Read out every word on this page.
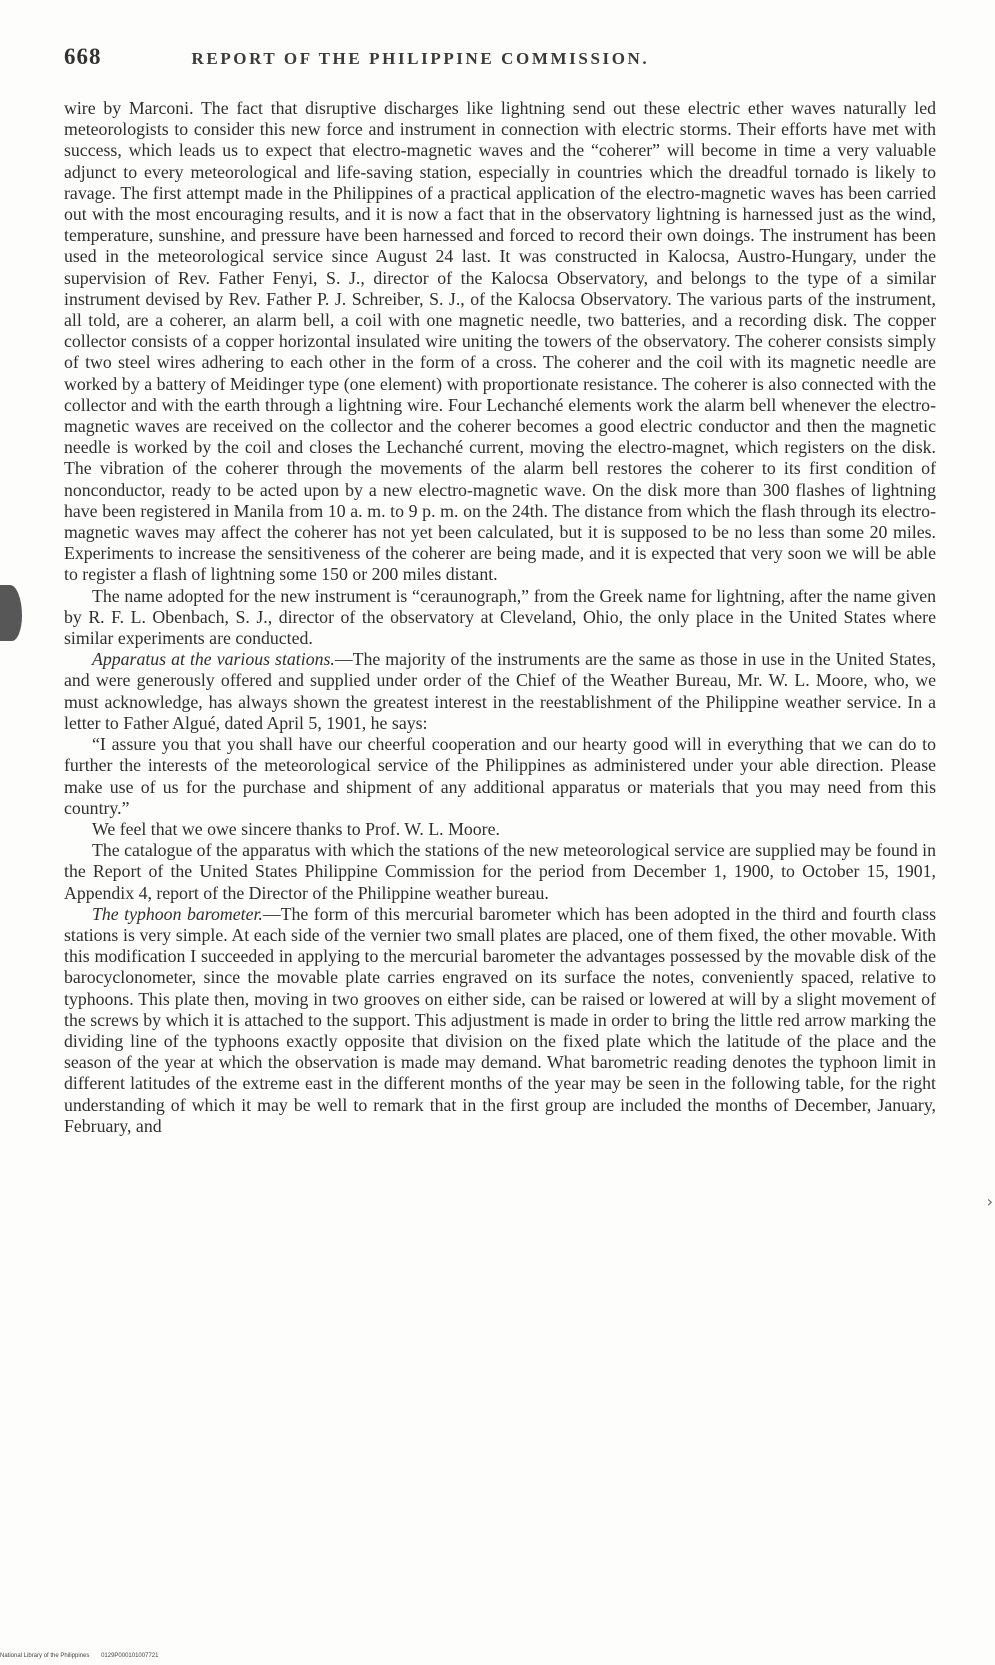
›
668	REPORT OF THE PHILIPPINE COMMISSION.

wire by Marconi. The fact that disruptive discharges like lightning send out these electric ether waves naturally led meteorologists to consider this new force and instrument in connection with electric storms. Their efforts have met with success, which leads us to expect that electro-magnetic waves and the “coherer” will become in time a very valuable adjunct to every meteorological and life-saving station, especially in countries which the dreadful tornado is likely to ravage. The first attempt made in the Philippines of a practical application of the electro-magnetic waves has been carried out with the most encouraging results, and it is now a fact that in the observatory lightning is harnessed just as the wind, temperature, sunshine, and pressure have been harnessed and forced to record their own doings. The instrument has been used in the meteorological service since August 24 last. It was constructed in Kalocsa, Austro-Hungary, under the supervision of Rev. Father Fenyi, S. J., director of the Kalocsa Observatory, and belongs to the type of a similar instrument devised by Rev. Father P. J. Schreiber, S. J., of the Kalocsa Observatory. The various parts of the instrument, all told, are a coherer, an alarm bell, a coil with one magnetic needle, two batteries, and a recording disk. The copper collector consists of a copper horizontal insulated wire uniting the towers of the observatory. The coherer consists simply of two steel wires adhering to each other in the form of a cross. The coherer and the coil with its magnetic needle are worked by a battery of Meidinger type (one element) with proportionate resistance. The coherer is also connected with the collector and with the earth through a lightning wire. Four Lechanché elements work the alarm bell whenever the electro-magnetic waves are received on the collector and the coherer becomes a good electric conductor and then the magnetic needle is worked by the coil and closes the Lechanché current, moving the electro-magnet, which registers on the disk. The vibration of the coherer through the movements of the alarm bell restores the coherer to its first condition of nonconductor, ready to be acted upon by a new electro-magnetic wave. On the disk more than 300 flashes of lightning have been registered in Manila from 10 a. m. to 9 p. m. on the 24th. The distance from which the flash through its electro-magnetic waves may affect the coherer has not yet been calculated, but it is supposed to be no less than some 20 miles. Experiments to increase the sensitiveness of the coherer are being made, and it is expected that very soon we will be able to register a flash of lightning some 150 or 200 miles distant.

The name adopted for the new instrument is “ceraunograph,” from the Greek name for lightning, after the name given by R. F. L. Obenbach, S. J., director of the observatory at Cleveland, Ohio, the only place in the United States where similar experiments are conducted.

Apparatus at the various stations.—The majority of the instruments are the same as those in use in the United States, and were generously offered and supplied under order of the Chief of the Weather Bureau, Mr. W. L. Moore, who, we must acknowledge, has always shown the greatest interest in the reestablishment of the Philippine weather service. In a letter to Father Algué, dated April 5, 1901, he says:

“I assure you that you shall have our cheerful cooperation and our hearty good will in everything that we can do to further the interests of the meteorological service of the Philippines as administered under your able direction. Please make use of us for the purchase and shipment of any additional apparatus or materials that you may need from this country.”

We feel that we owe sincere thanks to Prof. W. L. Moore.

The catalogue of the apparatus with which the stations of the new meteorological service are supplied may be found in the Report of the United States Philippine Commission for the period from December 1, 1900, to October 15, 1901, Appendix 4, report of the Director of the Philippine weather bureau.

The typhoon barometer.—The form of this mercurial barometer which has been adopted in the third and fourth class stations is very simple. At each side of the vernier two small plates are placed, one of them fixed, the other movable. With this modification I succeeded in applying to the mercurial barometer the advantages possessed by the movable disk of the barocyclonometer, since the movable plate carries engraved on its surface the notes, conveniently spaced, relative to typhoons. This plate then, moving in two grooves on either side, can be raised or lowered at will by a slight movement of the screws by which it is attached to the support. This adjustment is made in order to bring the little red arrow marking the dividing line of the typhoons exactly opposite that division on the fixed plate which the latitude of the place and the season of the year at which the observation is made may demand. What barometric reading denotes the typhoon limit in different latitudes of the extreme east in the different months of the year may be seen in the following table, for the right understanding of which it may be well to remark that in the first group are included the months of December, January, February, and

National Library of the Philippines 0129P000101007721
